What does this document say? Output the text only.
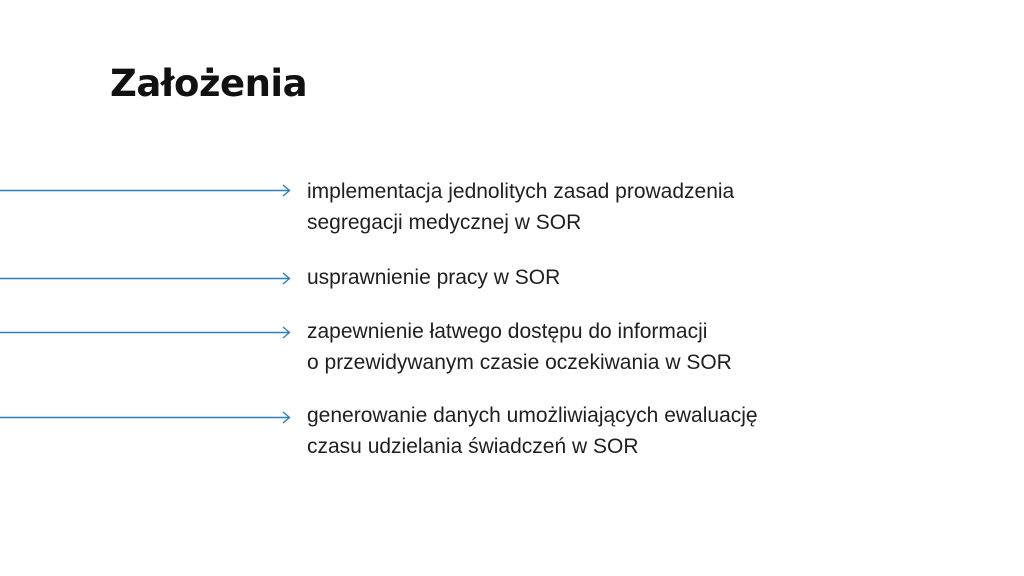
Założenia

implementacja jednolitych zasad prowadzenia
segregacji medycznej w SOR

usprawnienie pracy w SOR

zapewnienie łatwego dostępu do informacji
o przewidywanym czasie oczekiwania w SOR

generowanie danych umożliwiających ewaluację
czasu udzielania świadczeń w SOR
